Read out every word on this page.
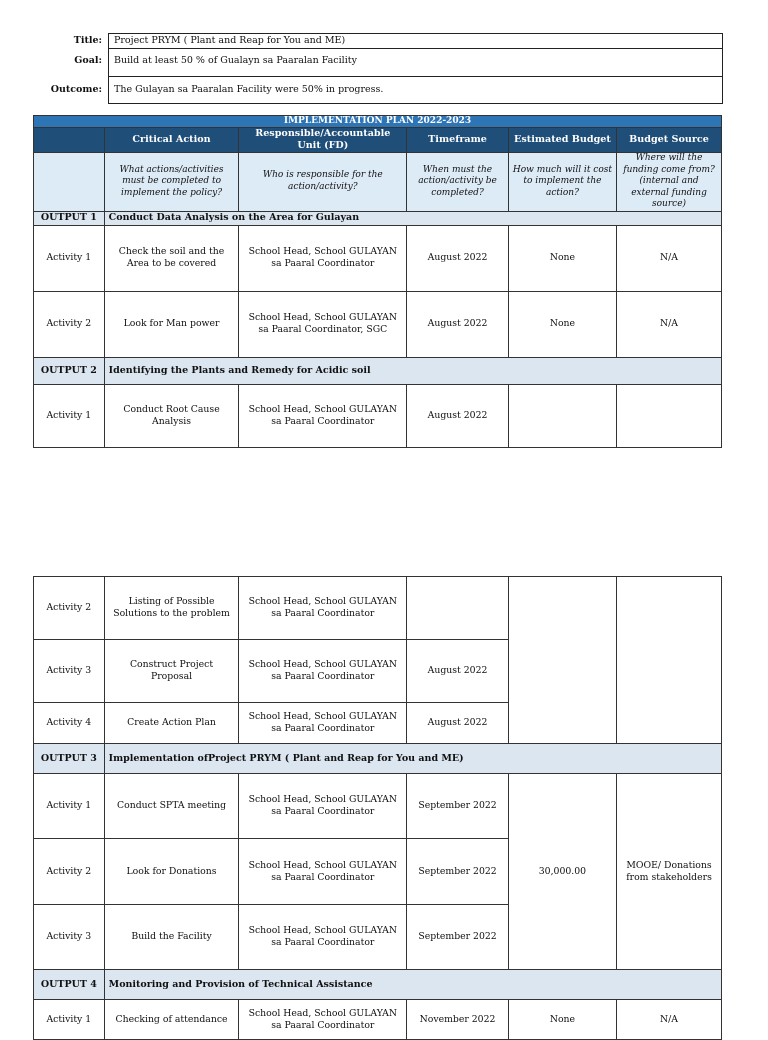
Title:	Project PRYM ( Plant and Reap for You and ME)
Goal:	Build at least 50 % of Gualayn sa Paaralan Facility
Outcome:	The Gulayan sa Paaralan Facility were 50% in progress.
IMPLEMENTATION PLAN 2022-2023					
	Critical Action	Responsible/Accountable Unit (FD)	Timeframe	Estimated Budget	Budget Source
	What actions/activities must be completed to implement the policy?	Who is responsible for the action/activity?	When must the action/activity be completed?	How much will it cost to implement the action?	Where will the funding come from? (internal and external funding source)
OUTPUT 1	Conduct Data Analysis on the Area for Gulayan				
Activity 1	Check the soil and the Area to be covered	School Head, School GULAYAN sa Paaral Coordinator	August 2022	None	N/A
Activity 2	Look for Man power	School Head, School GULAYAN sa Paaral Coordinator, SGC	August 2022	None	N/A
OUTPUT 2	Identifying the Plants and Remedy for Acidic soil				
Activity 1	Conduct Root Cause Analysis	School Head, School GULAYAN sa Paaral Coordinator	August 2022		
Activity 2	Listing of Possible Solutions to the problem	School Head, School GULAYAN sa Paaral Coordinator			
Activity 3	Construct Project Proposal	School Head, School GULAYAN sa Paaral Coordinator	August 2022		
Activity 4	Create Action Plan	School Head, School GULAYAN sa Paaral Coordinator	August 2022		
OUTPUT 3	Implementation ofProject PRYM ( Plant and Reap for You and ME)				
Activity 1	Conduct SPTA meeting	School Head, School GULAYAN sa Paaral Coordinator	September 2022	30,000.00	MOOE/ Donations from stakeholders
Activity 2	Look for Donations	School Head, School GULAYAN sa Paaral Coordinator	September 2022		
Activity 3	Build the Facility	School Head, School GULAYAN sa Paaral Coordinator	September 2022		
OUTPUT 4	Monitoring and Provision of Technical Assistance				
Activity 1	Checking of attendance	School Head, School GULAYAN sa Paaral Coordinator	November 2022	None	N/A
